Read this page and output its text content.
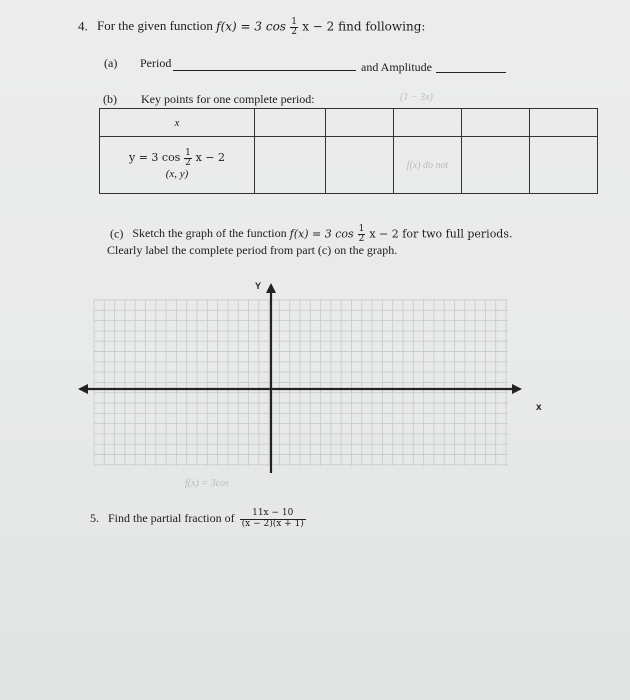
4. For the given function f(x) = 3 $\cos \frac{1}{2}$ x − 2 find following:
(a) Period	and Amplitude
(b) Key points for one complete period:	(1 − 3x)
x					
y = 3 $\cos \frac{1}{2}$ x − 2
(x, y)			f(x) do not		
(c) Sketch the graph of the function f(x) = 3 $\cos \frac{1}{2}$ x − 2 for two full periods.
Clearly label the complete period from part (c) on the graph.
Y
x
5. Find the partial fraction of $\frac{11x - 10}{(x - 2)(x + 1)}$
f(x) = 3cos
